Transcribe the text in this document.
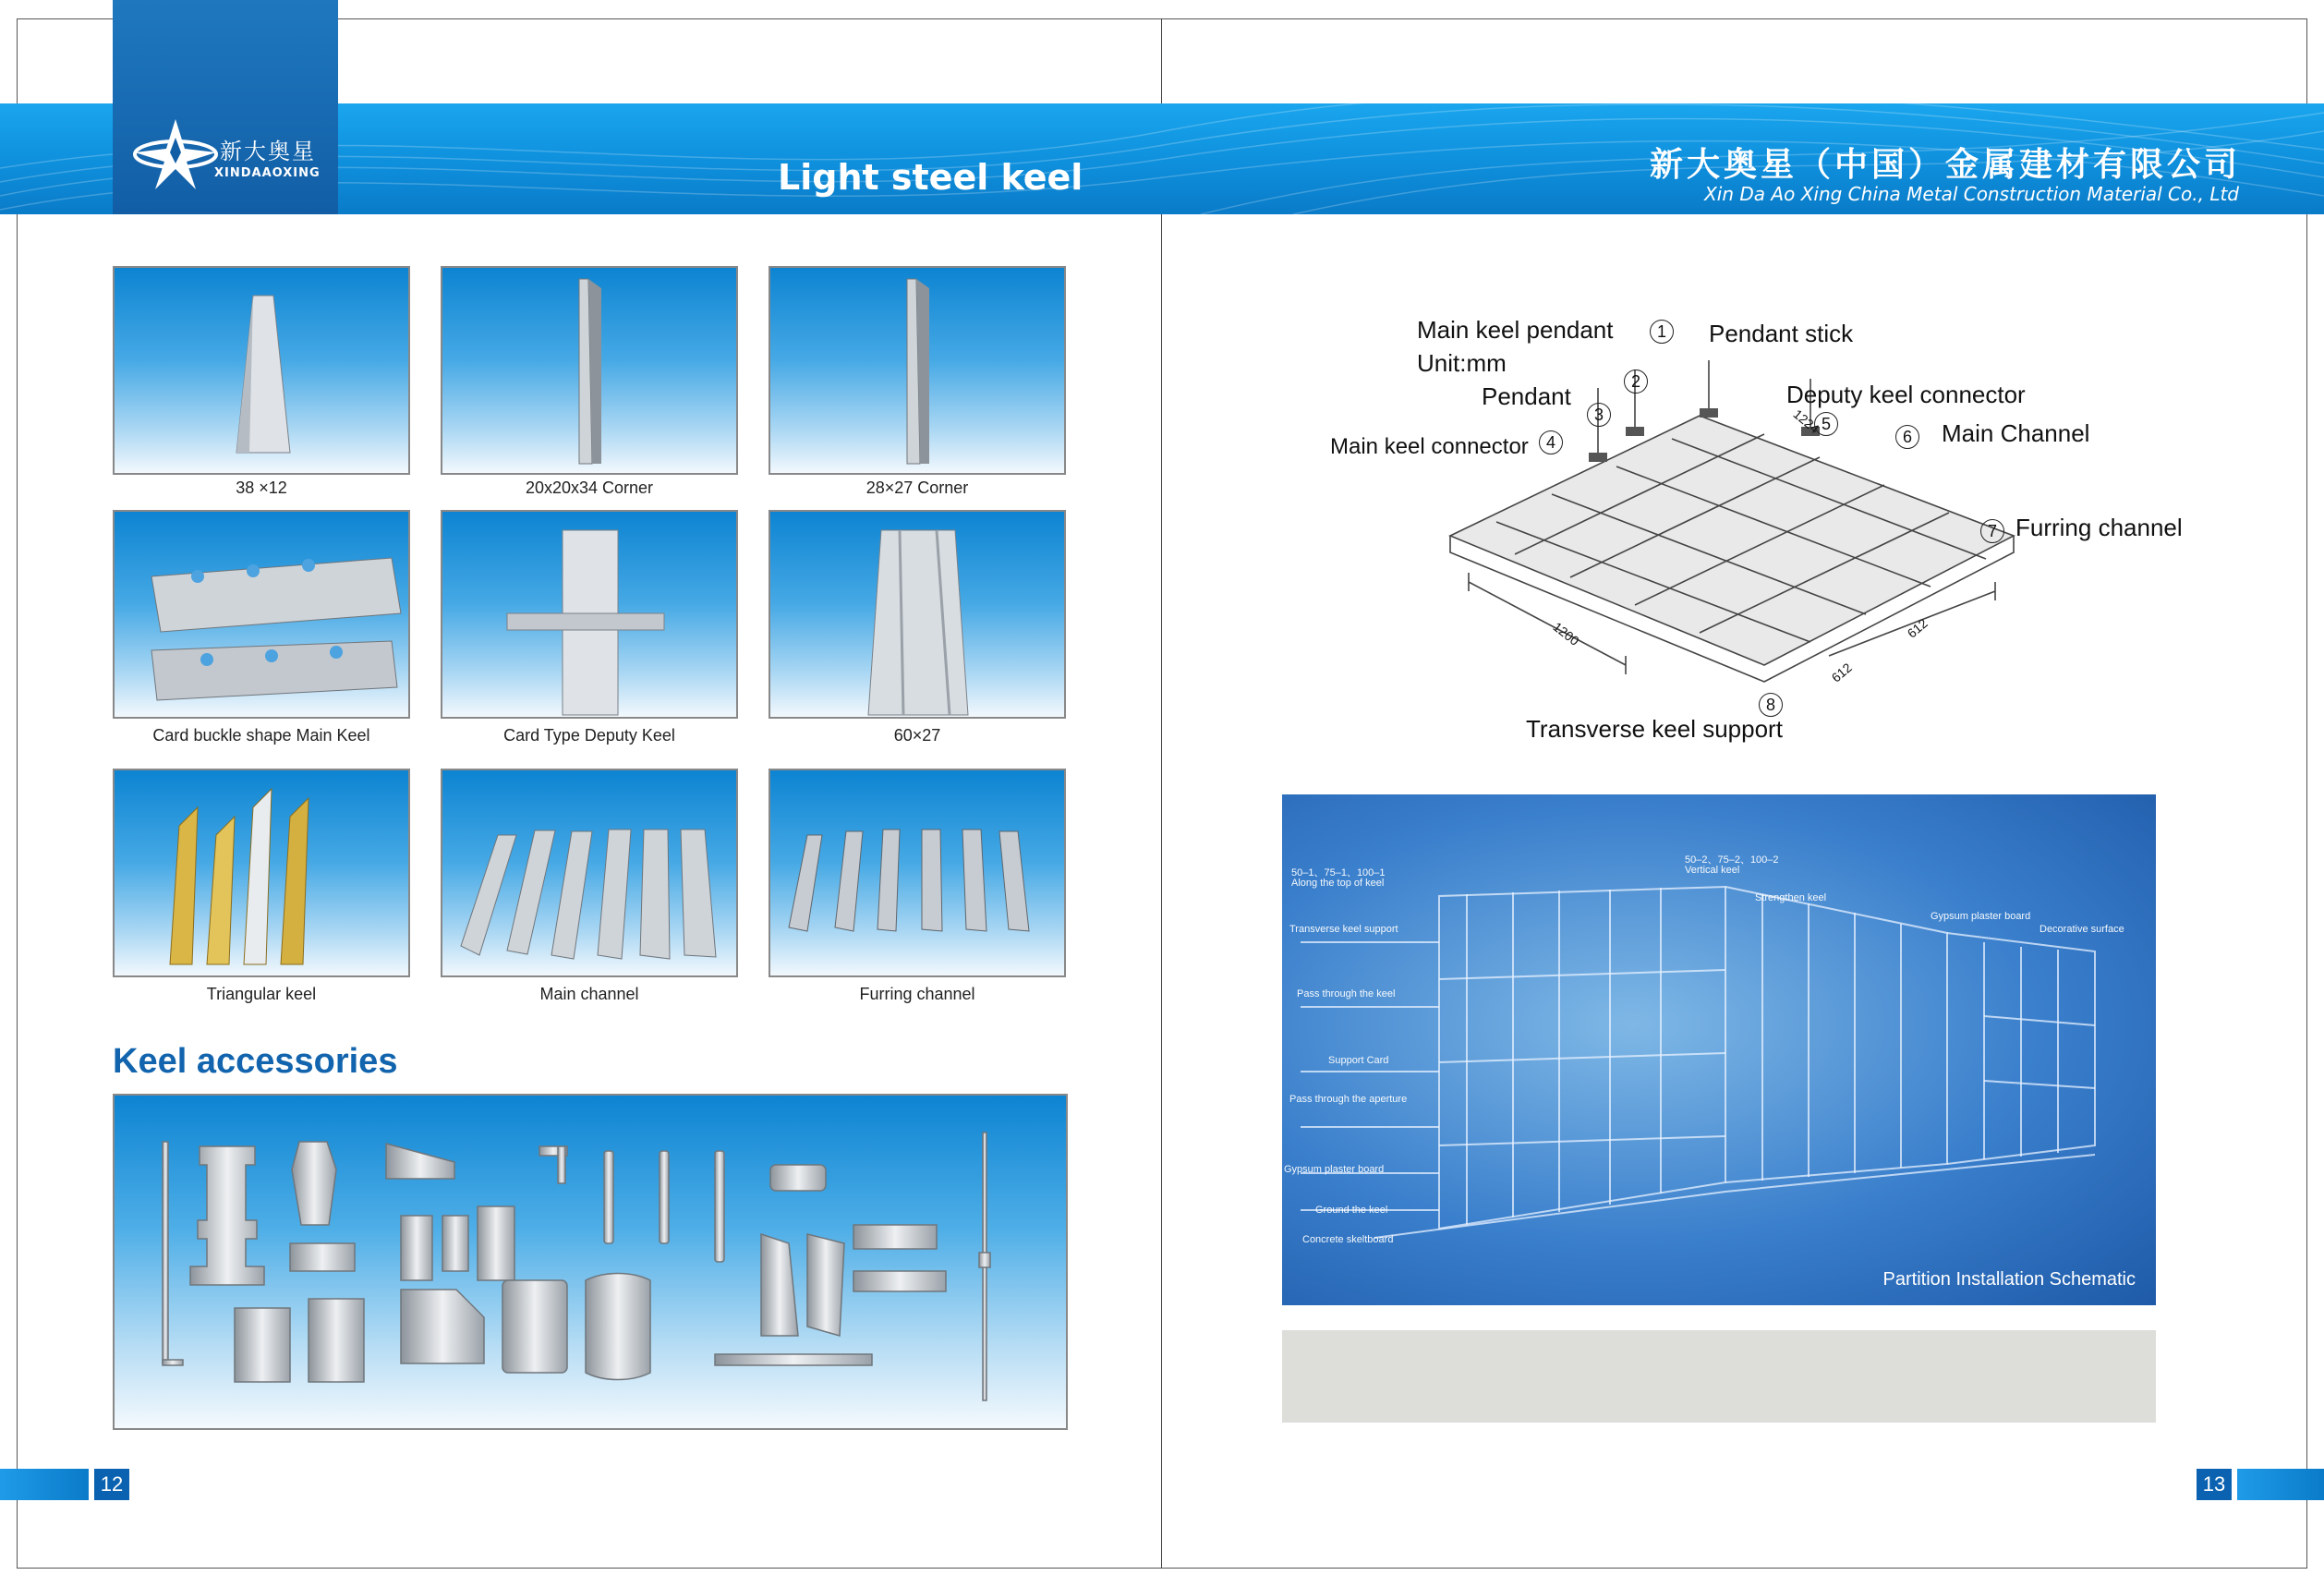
新大奥星
XINDAAOXING	Light steel keel	新大奥星（中国）金属建材有限公司
Xin Da Ao Xing China Metal Construction Material Co., Ltd
38 ×12	20x20x34 Corner	28×27 Corner
Card buckle shape Main Keel	Card Type Deputy Keel	60×27
Triangular keel	Main channel	Furring channel
Keel accessories
12	13
Main keel pendant
Unit:mm
Pendant
Main keel connector
Pendant stick
Deputy keel connector
Main Channel
Furring channel
Transverse keel support
1
2
3
4
5
6
7
8
1200
612
612
1224
50–1、75–1、100–1
Along the top of keel
50–2、75–2、100–2
Vertical keel
Strengthen keel
Gypsum plaster board
Decorative surface
Transverse keel support
Pass through the keel
Support Card
Pass through the aperture
Gypsum plaster board
Ground the keel
Concrete skeltboard
Partition Installation Schematic
